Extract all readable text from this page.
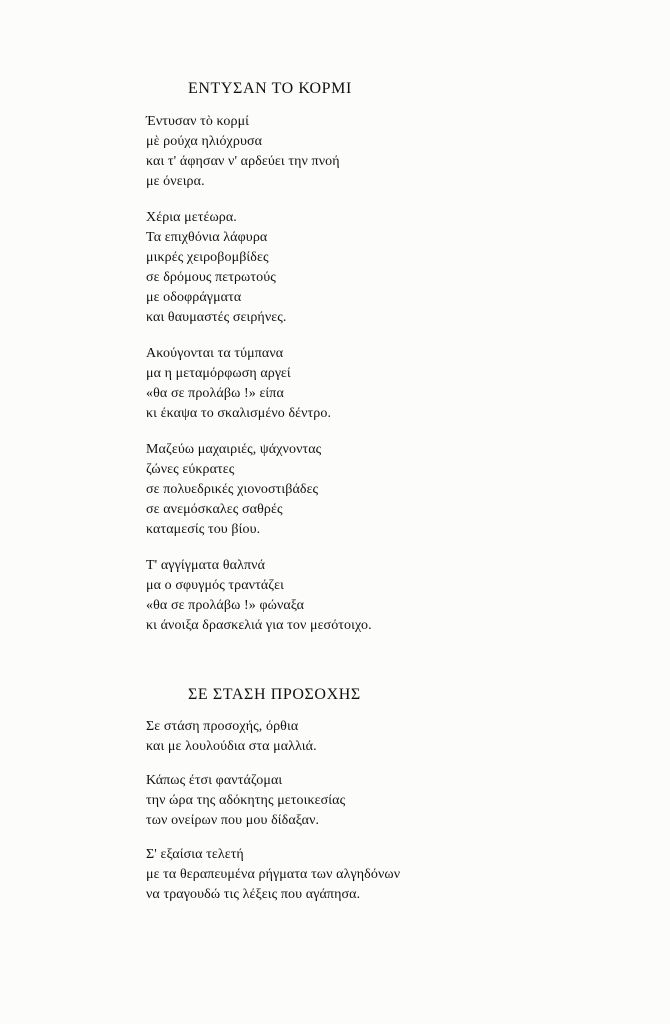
ΕΝΤΥΣΑΝ ΤΟ ΚΟΡΜΙ
Έντυσαν τὸ κορμί
μὲ ρούχα ηλιόχρυσα
και τ' άφησαν ν' αρδεύει την πνοή
με όνειρα.
Χέρια μετέωρα.
Τα επιχθόνια λάφυρα
μικρές χειροβομβίδες
σε δρόμους πετρωτούς
με οδοφράγματα
και θαυμαστές σειρήνες.
Ακούγονται τα τύμπανα
μα η μεταμόρφωση αργεί
«θα σε προλάβω !» είπα
κι έκαψα το σκαλισμένο δέντρο.
Μαζεύω μαχαιριές, ψάχνοντας
ζώνες εύκρατες
σε πολυεδρικές χιονοστιβάδες
σε ανεμόσκαλες σαθρές
καταμεσίς του βίου.
Τ' αγγίγματα θαλπνά
μα ο σφυγμός τραντάζει
«θα σε προλάβω !» φώναξα
κι άνοιξα δρασκελιά για τον μεσότοιχο.
ΣΕ ΣΤΑΣΗ ΠΡΟΣΟΧΗΣ
Σε στάση προσοχής, όρθια
και με λουλούδια στα μαλλιά.
Κάπως έτσι φαντάζομαι
την ώρα της αδόκητης μετοικεσίας
των ονείρων που μου δίδαξαν.
Σ' εξαίσια τελετή
με τα θεραπευμένα ρήγματα των αλγηδόνων
να τραγουδώ τις λέξεις που αγάπησα.
